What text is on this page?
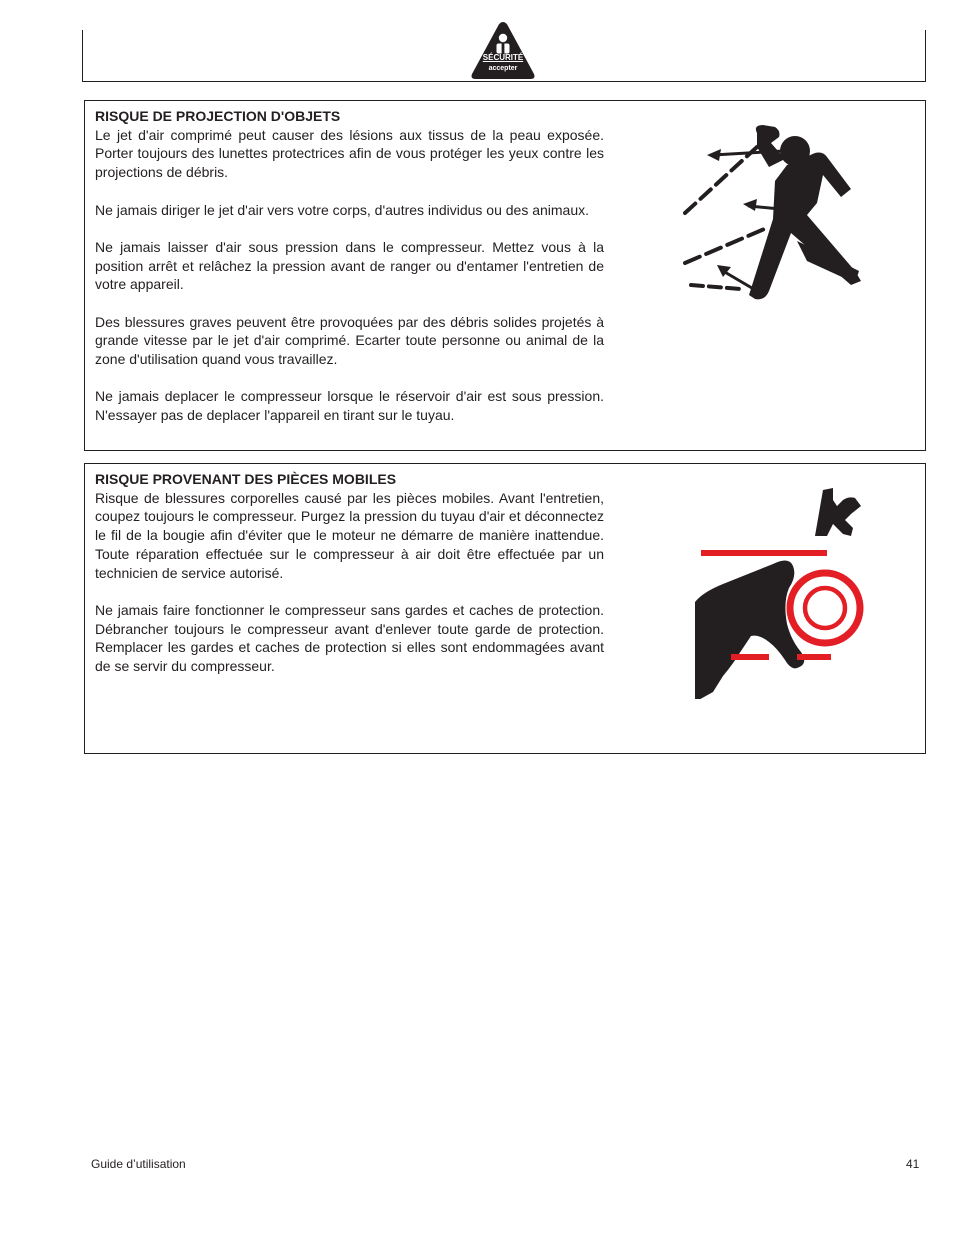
SÉCURITÉ
accepter

RISQUE DE PROJECTION D'OBJETS

Le jet d'air comprimé peut causer des lésions aux tissus de la peau exposée. Porter toujours des lunettes protectrices afin de vous protéger les yeux contre les projections de débris.

Ne jamais diriger le jet d'air vers votre corps, d'autres individus ou des animaux.

Ne jamais laisser d'air sous pression dans le compresseur. Mettez vous à la position arrêt et relâchez la pression avant de ranger ou d'entamer l'entretien de votre appareil.

Des blessures graves peuvent être provoquées par des débris solides projetés à grande vitesse par le jet d'air comprimé. Ecarter toute personne ou animal de la zone d'utilisation quand vous travaillez.

Ne jamais deplacer le compresseur lorsque le réservoir d'air est sous pression. N'essayer pas de deplacer l'appareil en tirant sur le tuyau.

RISQUE PROVENANT DES PIÈCES MOBILES

Risque de blessures corporelles causé par les pièces mobiles. Avant l'entretien, coupez toujours le compresseur. Purgez la pression du tuyau d'air et déconnectez le fil de la bougie afin d'éviter que le moteur ne démarre de manière inattendue. Toute réparation effectuée sur le compresseur à air doit être effectuée par un technicien de service autorisé.

Ne jamais faire fonctionner le compresseur sans gardes et caches de protection. Débrancher toujours le compresseur avant d'enlever toute garde de protection. Remplacer les gardes et caches de protection si elles sont endommagées avant de se servir du compresseur.

Guide d’utilisation	41
